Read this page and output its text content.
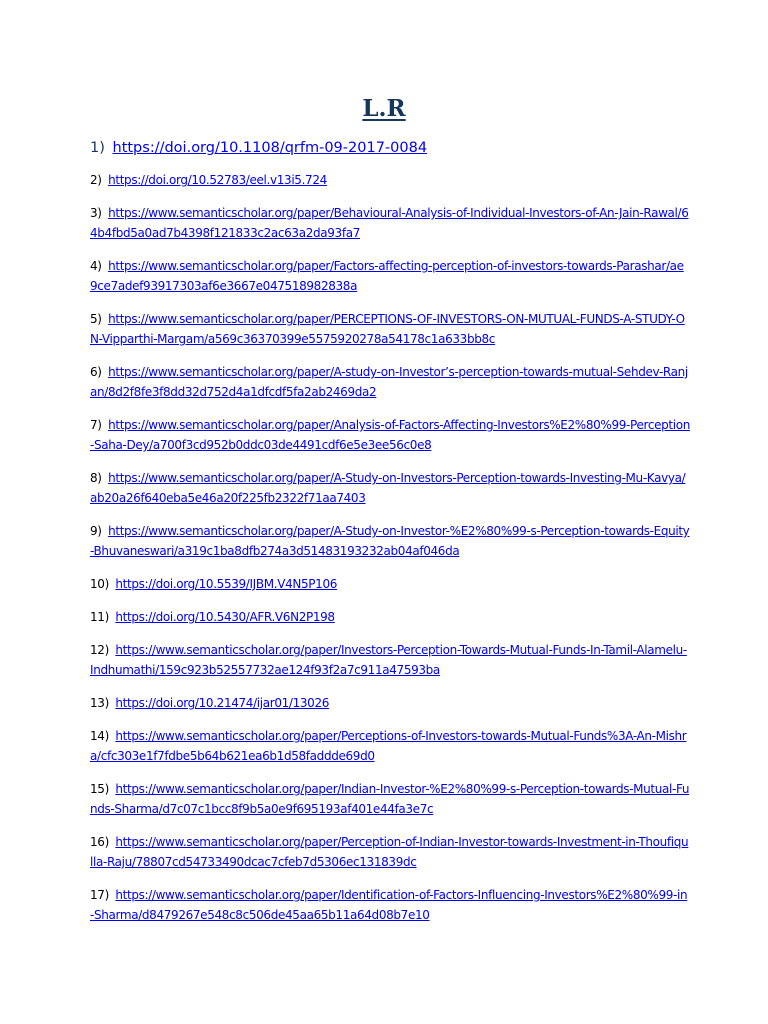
L.R
1) https://doi.org/10.1108/qrfm-09-2017-0084
2) https://doi.org/10.52783/eel.v13i5.724
3) https://www.semanticscholar.org/paper/Behavioural-Analysis-of-Individual-Investors-of-An-Jain-Rawal/64b4fbd5a0ad7b4398f121833c2ac63a2da93fa7
4) https://www.semanticscholar.org/paper/Factors-affecting-perception-of-investors-towards-Parashar/ae9ce7adef93917303af6e3667e047518982838a
5) https://www.semanticscholar.org/paper/PERCEPTIONS-OF-INVESTORS-ON-MUTUAL-FUNDS-A-STUDY-ON-Vipparthi-Margam/a569c36370399e5575920278a54178c1a633bb8c
6) https://www.semanticscholar.org/paper/A-study-on-Investor’s-perception-towards-mutual-Sehdev-Ranjan/8d2f8fe3f8dd32d752d4a1dfcdf5fa2ab2469da2
7) https://www.semanticscholar.org/paper/Analysis-of-Factors-Affecting-Investors%E2%80%99-Perception-Saha-Dey/a700f3cd952b0ddc03de4491cdf6e5e3ee56c0e8
8) https://www.semanticscholar.org/paper/A-Study-on-Investors-Perception-towards-Investing-Mu-Kavya/ab20a26f640eba5e46a20f225fb2322f71aa7403
9) https://www.semanticscholar.org/paper/A-Study-on-Investor-%E2%80%99-s-Perception-towards-Equity-Bhuvaneswari/a319c1ba8dfb274a3d51483193232ab04af046da
10) https://doi.org/10.5539/IJBM.V4N5P106
11) https://doi.org/10.5430/AFR.V6N2P198
12) https://www.semanticscholar.org/paper/Investors-Perception-Towards-Mutual-Funds-In-Tamil-Alamelu-Indhumathi/159c923b52557732ae124f93f2a7c911a47593ba
13) https://doi.org/10.21474/ijar01/13026
14) https://www.semanticscholar.org/paper/Perceptions-of-Investors-towards-Mutual-Funds%3A-An-Mishra/cfc303e1f7fdbe5b64b621ea6b1d58faddde69d0
15) https://www.semanticscholar.org/paper/Indian-Investor-%E2%80%99-s-Perception-towards-Mutual-Funds-Sharma/d7c07c1bcc8f9b5a0e9f695193af401e44fa3e7c
16) https://www.semanticscholar.org/paper/Perception-of-Indian-Investor-towards-Investment-in-Thoufiqulla-Raju/78807cd54733490dcac7cfeb7d5306ec131839dc
17) https://www.semanticscholar.org/paper/Identification-of-Factors-Influencing-Investors%E2%80%99-in-Sharma/d8479267e548c8c506de45aa65b11a64d08b7e10
